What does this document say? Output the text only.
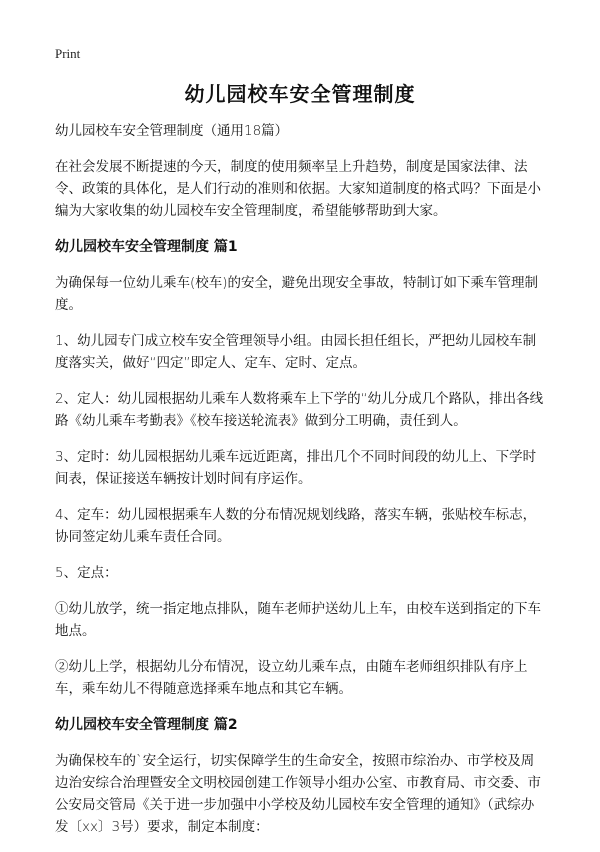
Print
幼儿园校车安全管理制度

幼儿园校车安全管理制度（通用18篇）

在社会发展不断提速的今天，制度的使用频率呈上升趋势，制度是国家法律、法令、政策的具体化，是人们行动的准则和依据。大家知道制度的格式吗？下面是小编为大家收集的幼儿园校车安全管理制度，希望能够帮助到大家。

幼儿园校车安全管理制度 篇1

为确保每一位幼儿乘车(校车)的安全，避免出现安全事故，特制订如下乘车管理制度。

1、幼儿园专门成立校车安全管理领导小组。由园长担任组长，严把幼儿园校车制度落实关，做好“四定”即定人、定车、定时、定点。

2、定人：幼儿园根据幼儿乘车人数将乘车上下学的“幼儿分成几个路队，排出各线路《幼儿乘车考勤表》《校车接送轮流表》做到分工明确，责任到人。

3、定时：幼儿园根据幼儿乘车远近距离，排出几个不同时间段的幼儿上、下学时间表，保证接送车辆按计划时间有序运作。

4、定车：幼儿园根据乘车人数的分布情况规划线路，落实车辆，张贴校车标志，协同签定幼儿乘车责任合同。

5、定点：

①幼儿放学，统一指定地点排队，随车老师护送幼儿上车，由校车送到指定的下车地点。

②幼儿上学，根据幼儿分布情况，设立幼儿乘车点，由随车老师组织排队有序上车，乘车幼儿不得随意选择乘车地点和其它车辆。

幼儿园校车安全管理制度 篇2

为确保校车的`安全运行，切实保障学生的生命安全，按照市综治办、市学校及周边治安综合治理暨安全文明校园创建工作领导小组办公室、市教育局、市交委、市公安局交管局《关于进一步加强中小学校及幼儿园校车安全管理的通知》（武综办发〔xx〕3号）要求，制定本制度：
